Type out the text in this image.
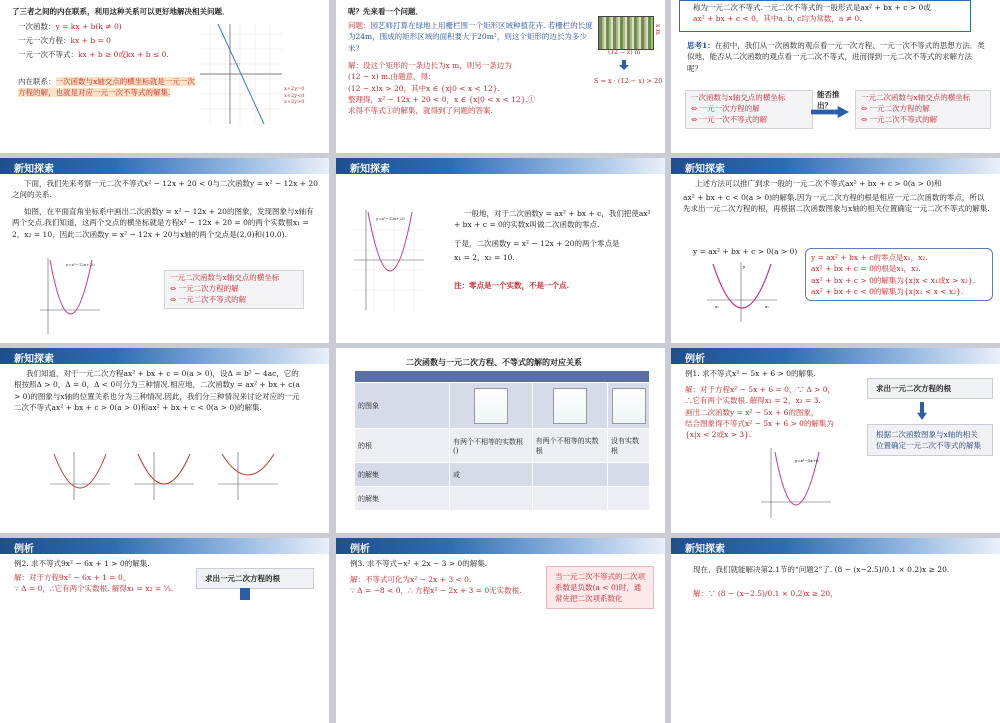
了三者之间的内在联系，利用这种关系可以更好地解决相关问题．
一次函数：y = kx + b(k ≠ 0)
一元一次方程：kx + b = 0
一元一次不等式：kx + b ≥ 0或kx + b ≤ 0.
内在联系：一次函数与x轴交点的横坐标就是一元一次方程的解，也就是对应一元一次不等式的解集.	x+2y=0
x+2y<0
x+2y>0
呢？先来看一个问题．
问题：园艺师打算在绿地上用栅栏围一个矩形区域种植花卉. 若栅栏的长度为24m，围成的矩形区域的面积要大于20m²，则这个矩形的边长为多少米？
解：设这个矩形的一条边长为x m，则另一条边为
(12 − x) m.由题意，得：
(12 − x)x > 20，其中x ∈ {x|0 < x < 12}.
整理得，x² − 12x + 20 < 0，x ∈ {x|0 < x < 12}.①
求得不等式①的解集，就得到了问题的答案.
x m
(12 − x) m
S = x · (12 − x) > 20
称为一元二次不等式.一元二次不等式的一般形式是ax² + bx + c > 0或
ax² + bx + c < 0，其中a, b, c均为常数，a ≠ 0.
思考1：在初中，我们从一次函数的观点看一元一次方程、一元一次不等式的思想方法．类似地，能否从二次函数的观点看一元二次不等式，进而得到一元二次不等式的求解方法呢？
一次函数与x轴交点的横坐标
⇔ 一元一次方程的解
⇔ 一元一次不等式的解
能否推出？
一元二次函数与x轴交点的横坐标
⇔ 一元二次方程的解
⇔ 一元二次不等式的解
新知探索
下面，我们先来考察一元二次不等式x² − 12x + 20 < 0与二次函数y = x² − 12x + 20之间的关系.
如图，在平面直角坐标系中画出二次函数y = x² − 12x + 20的图象，发现图象与x轴有两个交点.我们知道，这两个交点的横坐标就是方程x² − 12x + 20 = 0的两个实数根x₁ = 2，x₂ = 10．因此二次函数y = x² − 12x + 20与x轴的两个交点是(2,0)和(10,0).
y=x²−12x+20
一元二次函数与x轴交点的横坐标
⇔ 一元二次方程的解
⇔ 一元二次不等式的解
新知探索
y=x²−12x+20
一般地，对于二次函数y = ax² + bx + c，我们把使ax² + bx + c = 0的实数x叫做二次函数的零点.
于是，二次函数y = x² − 12x + 20的两个零点是
x₁ = 2，x₂ = 10.
注：零点是一个实数，不是一个点.
新知探索
上述方法可以推广到求一般的一元二次不等式ax² + bx + c > 0(a > 0)和
ax² + bx + c < 0(a > 0)的解集.因为一元二次方程的根是相应一元二次函数的零点，所以先求出一元二次方程的根，再根据二次函数图象与x轴的相关位置确定一元二次不等式的解集.
y = ax² + bx + c > 0(a > 0)
x₁	x₂
y
y = ax² + bx + c的零点是x₁，x₂.
ax² + bx + c = 0的根是x₁，x₂.
ax² + bx + c > 0的解集为{x|x < x₁或x > x₂}.
ax² + bx + c < 0的解集为{x|x₁ < x < x₂}.
新知探索
我们知道，对于一元二次方程ax² + bx + c = 0(a > 0)，设Δ = b² − 4ac，它的根按照Δ > 0，Δ = 0，Δ < 0可分为三种情况.相应地，二次函数y = ax² + bx + c(a > 0)的图象与x轴的位置关系也分为三种情况.因此，我们分三种情况来讨论对应的一元二次不等式ax² + bx + c > 0(a > 0)和ax² + bx + c < 0(a > 0)的解集.
二次函数与一元二次方程、不等式的解的对应关系

的图象	

的根	有两个不相等的实数根 ()	有两个不相等的实数根	没有实数根
的解集	或		
的解集			
例析
例1. 求不等式x² − 5x + 6 > 0的解集.
解：对于方程x² − 5x + 6 = 0，∵ Δ > 0，
∴它有两个实数根. 解得x₁ = 2，x₂ = 3.
画出二次函数y = x² − 5x + 6的图象，
结合图象得不等式x² − 5x + 6 > 0的解集为
{x|x < 2或x > 3}.
y=x²−5x+6
求出一元二次方程的根
根据二次函数图象与x轴的相关位置确定一元二次不等式的解集
例析
例2. 求不等式9x² − 6x + 1 > 0的解集.
解：对于方程9x² − 6x + 1 = 0，
∵ Δ = 0，∴它有两个实数根. 解得x₁ = x₂ = ⅓.
求出一元二次方程的根
例析
例3. 求不等式−x² + 2x − 3 > 0的解集.
解：不等式可化为x² − 2x + 3 < 0.
∵ Δ = −8 < 0，∴ 方程x² − 2x + 3 = 0无实数根.
当一元二次不等式的二次项系数是负数(a < 0)时，通常先把二次项系数化
新知探索
现在，我们就能解决第2.1节的“问题2”了. (8 − (x−2.5)/0.1 × 0.2)x ≥ 20.
解：∵ (8 − (x−2.5)/0.1 × 0.2)x ≥ 20，
